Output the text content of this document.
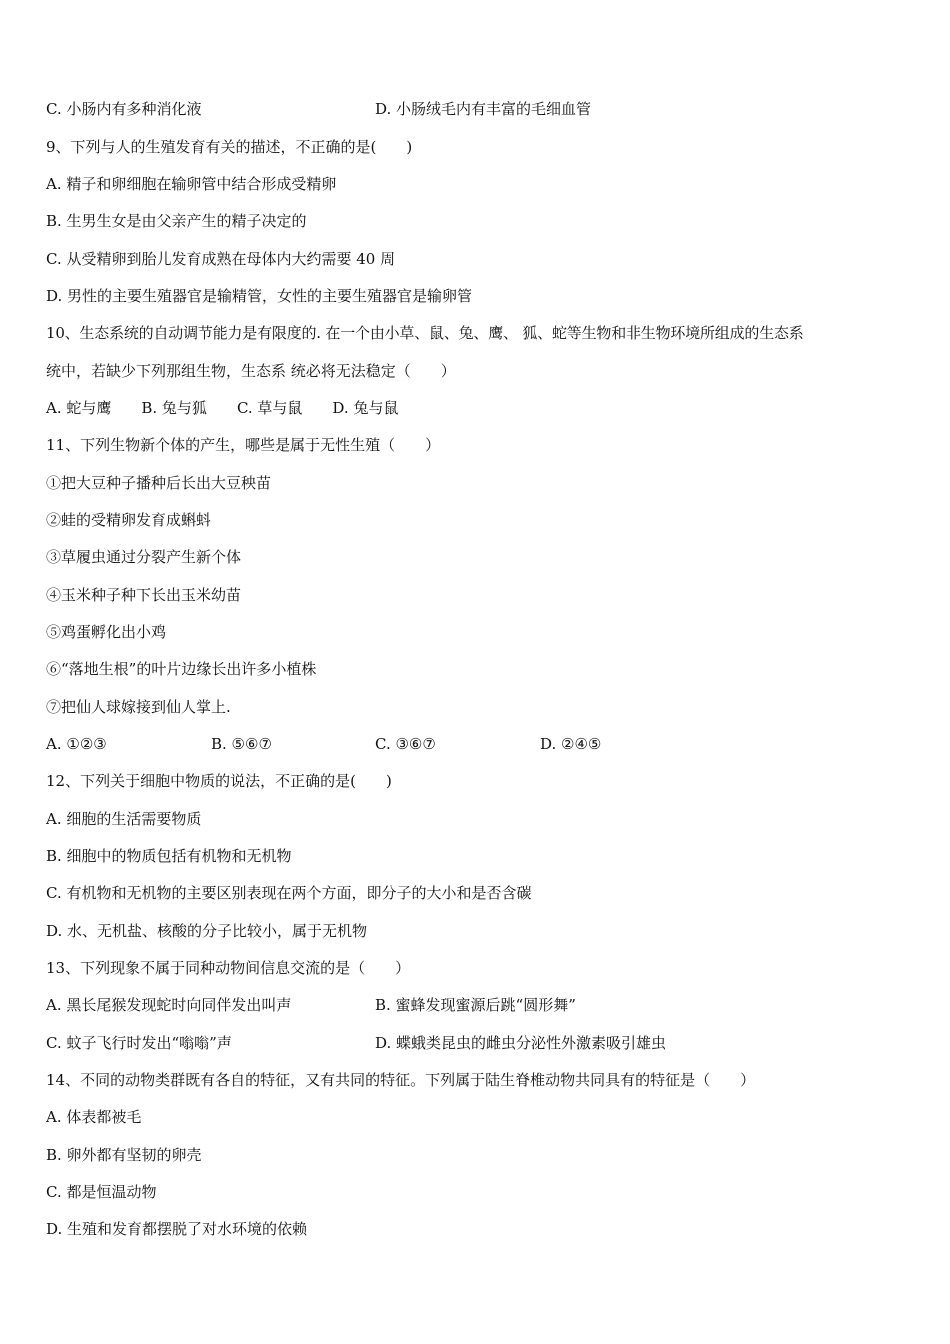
C. 小肠内有多种消化液	D. 小肠绒毛内有丰富的毛细血管
9、下列与人的生殖发育有关的描述，不正确的是(　　)
A. 精子和卵细胞在输卵管中结合形成受精卵
B. 生男生女是由父亲产生的精子决定的
C. 从受精卵到胎儿发育成熟在母体内大约需要 40 周
D. 男性的主要生殖器官是输精管，女性的主要生殖器官是输卵管
10、生态系统的自动调节能力是有限度的. 在一个由小草、鼠、兔、鹰、 狐、蛇等生物和非生物环境所组成的生态系
统中，若缺少下列那组生物，生态系 统必将无法稳定（　　）
A. 蛇与鹰 B. 兔与狐 C. 草与鼠 D. 兔与鼠
11、下列生物新个体的产生，哪些是属于无性生殖（　　）
①把大豆种子播种后长出大豆秧苗
②蛙的受精卵发育成蝌蚪
③草履虫通过分裂产生新个体
④玉米种子种下长出玉米幼苗
⑤鸡蛋孵化出小鸡
⑥“落地生根”的叶片边缘长出许多小植株
⑦把仙人球嫁接到仙人掌上.
A. ①②③	B. ⑤⑥⑦	C. ③⑥⑦	D. ②④⑤
12、下列关于细胞中物质的说法，不正确的是(　　)
A. 细胞的生活需要物质
B. 细胞中的物质包括有机物和无机物
C. 有机物和无机物的主要区别表现在两个方面，即分子的大小和是否含碳
D. 水、无机盐、核酸的分子比较小，属于无机物
13、下列现象不属于同种动物间信息交流的是（　　）
A. 黑长尾猴发现蛇时向同伴发出叫声	B. 蜜蜂发现蜜源后跳“圆形舞”
C. 蚊子飞行时发出“嗡嗡”声	D. 蝶蛾类昆虫的雌虫分泌性外激素吸引雄虫
14、不同的动物类群既有各自的特征，又有共同的特征。下列属于陆生脊椎动物共同具有的特征是（　　）
A. 体表都被毛
B. 卵外都有坚韧的卵壳
C. 都是恒温动物
D. 生殖和发育都摆脱了对水环境的依赖
